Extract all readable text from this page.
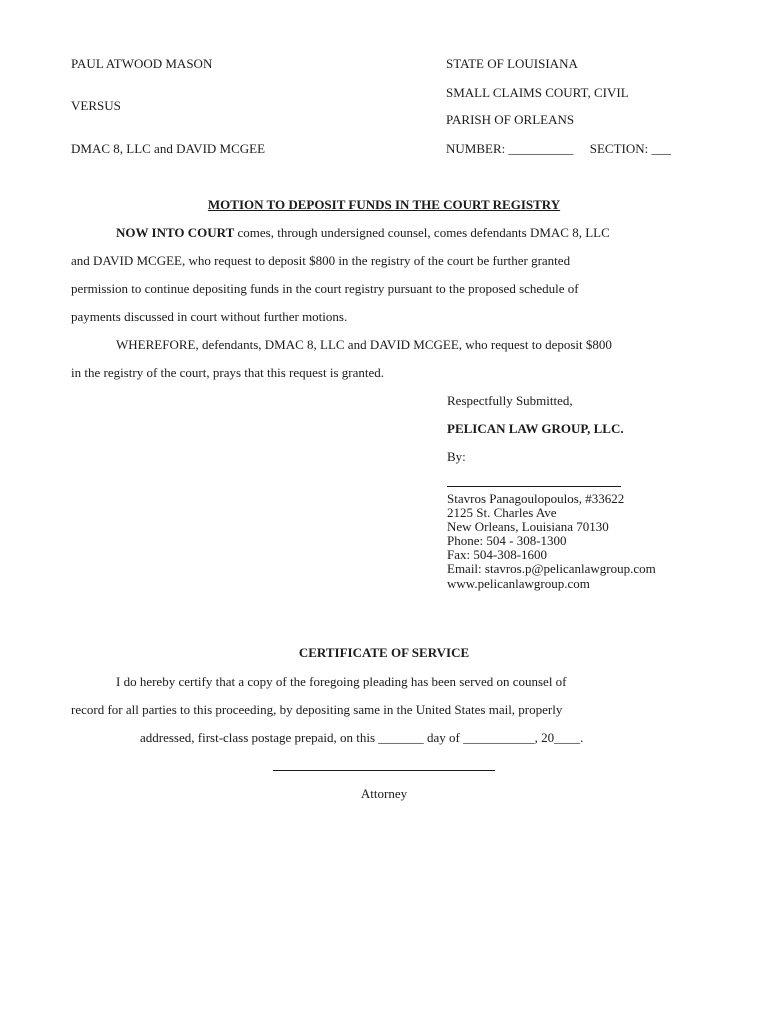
PAUL ATWOOD MASON
VERSUS
DMAC 8, LLC and DAVID MCGEE
STATE OF LOUISIANA
SMALL CLAIMS COURT, CIVIL
PARISH OF ORLEANS
NUMBER: __________     SECTION: ___
MOTION TO DEPOSIT FUNDS IN THE COURT REGISTRY
NOW INTO COURT comes, through undersigned counsel, comes defendants DMAC 8, LLC
and DAVID MCGEE, who request to deposit $800 in the registry of the court be further granted
permission to continue depositing funds in the court registry pursuant to the proposed schedule of
payments discussed in court without further motions.
WHEREFORE, defendants, DMAC 8, LLC and DAVID MCGEE, who request to deposit $800
in the registry of the court, prays that this request is granted.
Respectfully Submitted,
PELICAN LAW GROUP, LLC.
By:
Stavros Panagoulopoulos, #33622
2125 St. Charles Ave
New Orleans, Louisiana 70130
Phone: 504 - 308-1300
Fax: 504-308-1600
Email: stavros.p@pelicanlawgroup.com
www.pelicanlawgroup.com
CERTIFICATE OF SERVICE
I do hereby certify that a copy of the foregoing pleading has been served on counsel of
record for all parties to this proceeding, by depositing same in the United States mail, properly
addressed, first-class postage prepaid, on this _______ day of ___________, 20____.
Attorney
